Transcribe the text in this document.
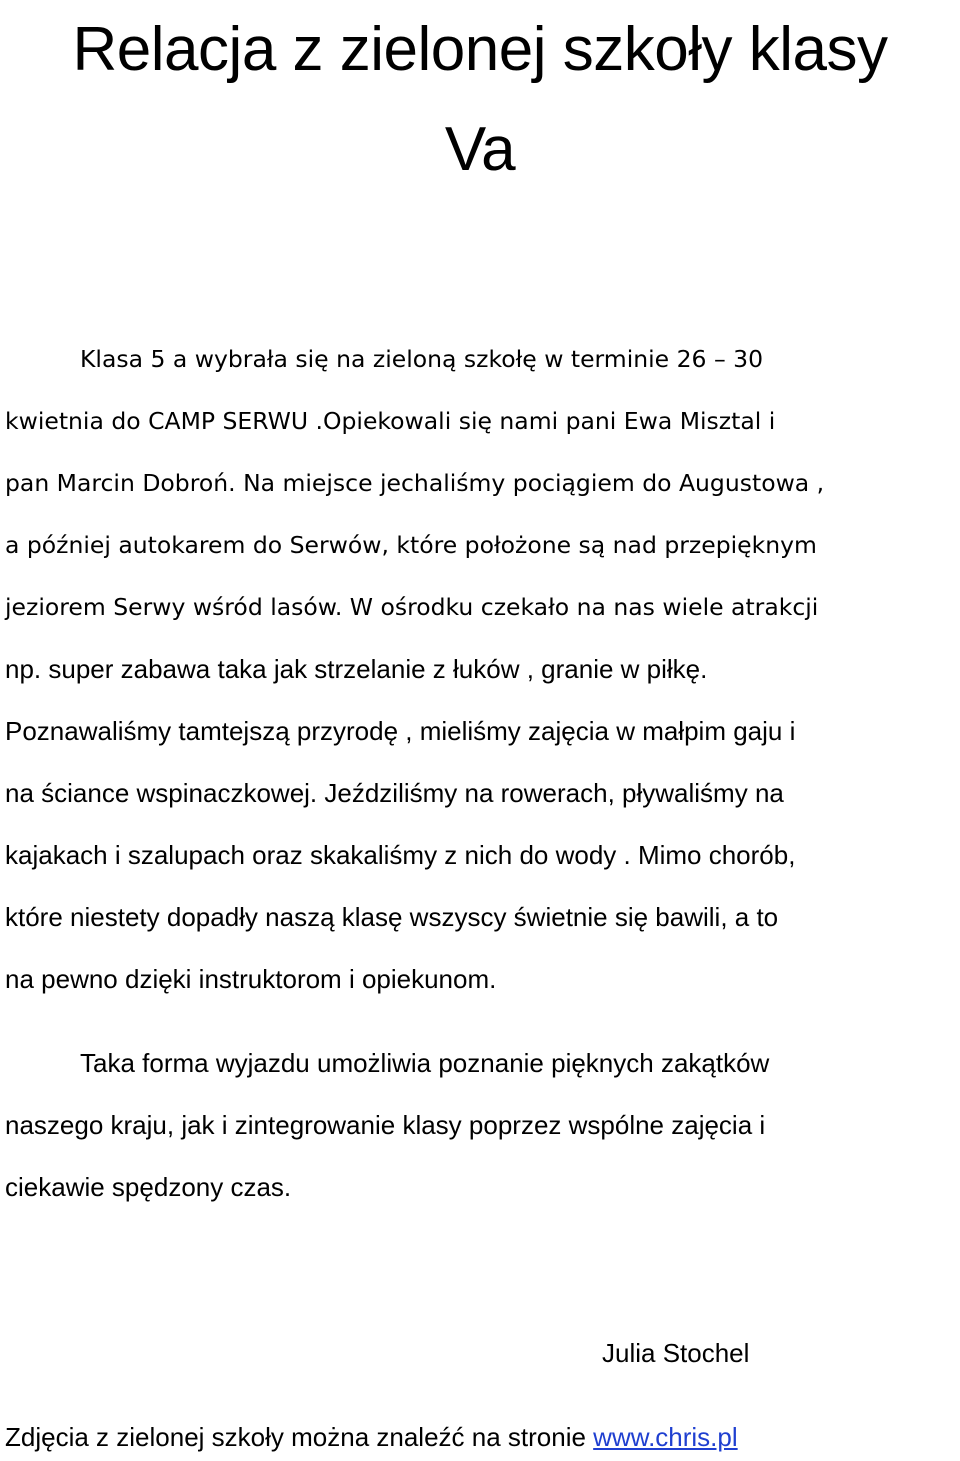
Relacja z zielonej szkoły klasy
Va
Klasa 5 a wybrała się na zieloną szkołę w terminie 26 – 30
kwietnia do CAMP SERWU .Opiekowali się nami pani Ewa Misztal i
pan Marcin Dobroń. Na miejsce jechaliśmy pociągiem do Augustowa ,
a później autokarem do Serwów, które położone są nad przepięknym
jeziorem Serwy wśród lasów. W ośrodku czekało na nas wiele atrakcji
np. super zabawa taka jak strzelanie z łuków , granie w piłkę.
Poznawaliśmy tamtejszą przyrodę , mieliśmy zajęcia w małpim gaju i
na ściance wspinaczkowej. Jeździliśmy na rowerach, pływaliśmy na
kajakach i szalupach oraz skakaliśmy z nich do wody . Mimo chorób,
które niestety dopadły naszą klasę wszyscy świetnie się bawili, a to
na pewno dzięki instruktorom i opiekunom.
Taka forma wyjazdu umożliwia poznanie pięknych zakątków
naszego kraju, jak i zintegrowanie klasy poprzez wspólne zajęcia i
ciekawie spędzony czas.
Julia Stochel
Zdjęcia z zielonej szkoły można znaleźć na stronie www.chris.pl
